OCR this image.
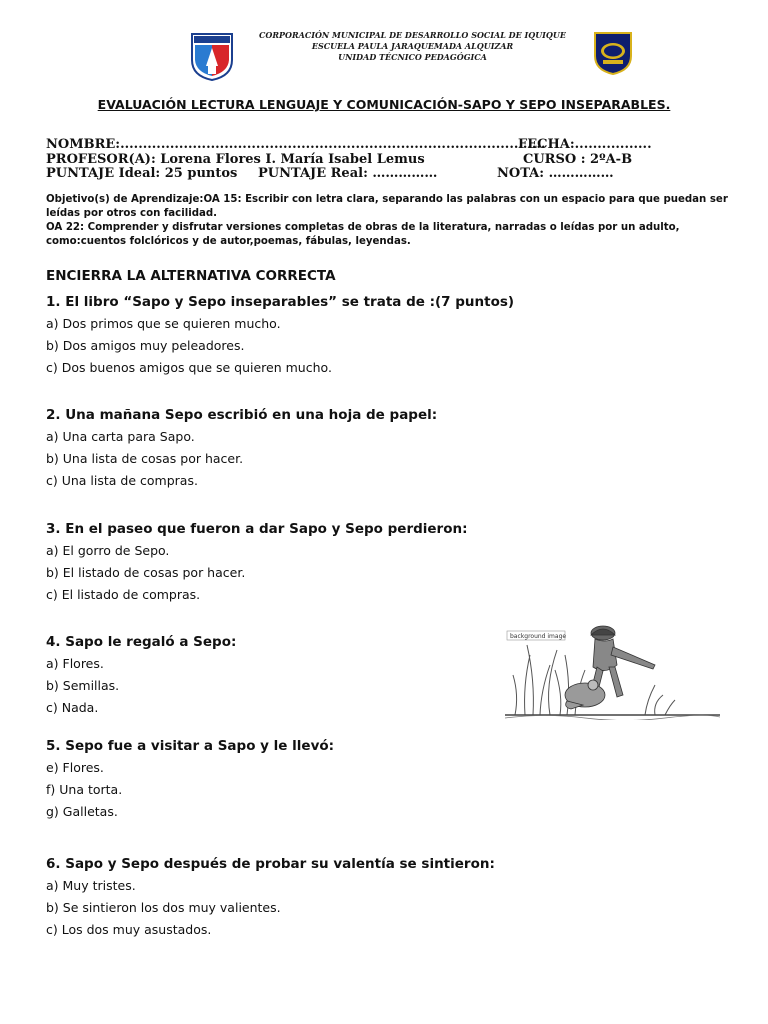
CORPORACIÓN MUNICIPAL DE DESARROLLO SOCIAL DE IQUIQUE
ESCUELA PAULA JARAQUEMADA ALQUIZAR
UNIDAD TÉCNICO PEDAGÓGICA
EVALUACIÓN LECTURA LENGUAJE Y COMUNICACIÓN-SAPO Y SEPO INSEPARABLES.
NOMBRE:..............................................................................................
FECHA:.................
PROFESOR(A): Lorena Flores I. María Isabel Lemus	CURSO : 2ºA-B
PUNTAJE Ideal: 25 puntos PUNTAJE Real: ……………	NOTA: ……………

Objetivo(s) de Aprendizaje:OA 15: Escribir con letra clara, separando las palabras con un espacio para que puedan ser leídas por otros con facilidad.

OA 22: Comprender y disfrutar versiones completas de obras de la literatura, narradas o leídas por un adulto, como:cuentos folclóricos y de autor,poemas, fábulas, leyendas.

ENCIERRA LA ALTERNATIVA CORRECTA
1. El libro “Sapo y Sepo inseparables” se trata de :(7 puntos)
a) Dos primos que se quieren mucho.
b) Dos amigos muy peleadores.
c) Dos buenos amigos que se quieren mucho.
2. Una mañana Sepo escribió en una hoja de papel:
a) Una carta para Sapo.
b) Una lista de cosas por hacer.
c) Una lista de compras.
3. En el paseo que fueron a dar Sapo y Sepo perdieron:
a) El gorro de Sepo.
b) El listado de cosas por hacer.
c) El listado de compras.
4. Sapo le regaló a Sepo:
a) Flores.
b) Semillas.
c) Nada.
5. Sepo fue a visitar a Sapo y le llevó:
e) Flores.
f) Una torta.
g) Galletas.
6. Sapo y Sepo después de probar su valentía se sintieron:
a) Muy tristes.
b) Se sintieron los dos muy valientes.
c) Los dos muy asustados.
background image
